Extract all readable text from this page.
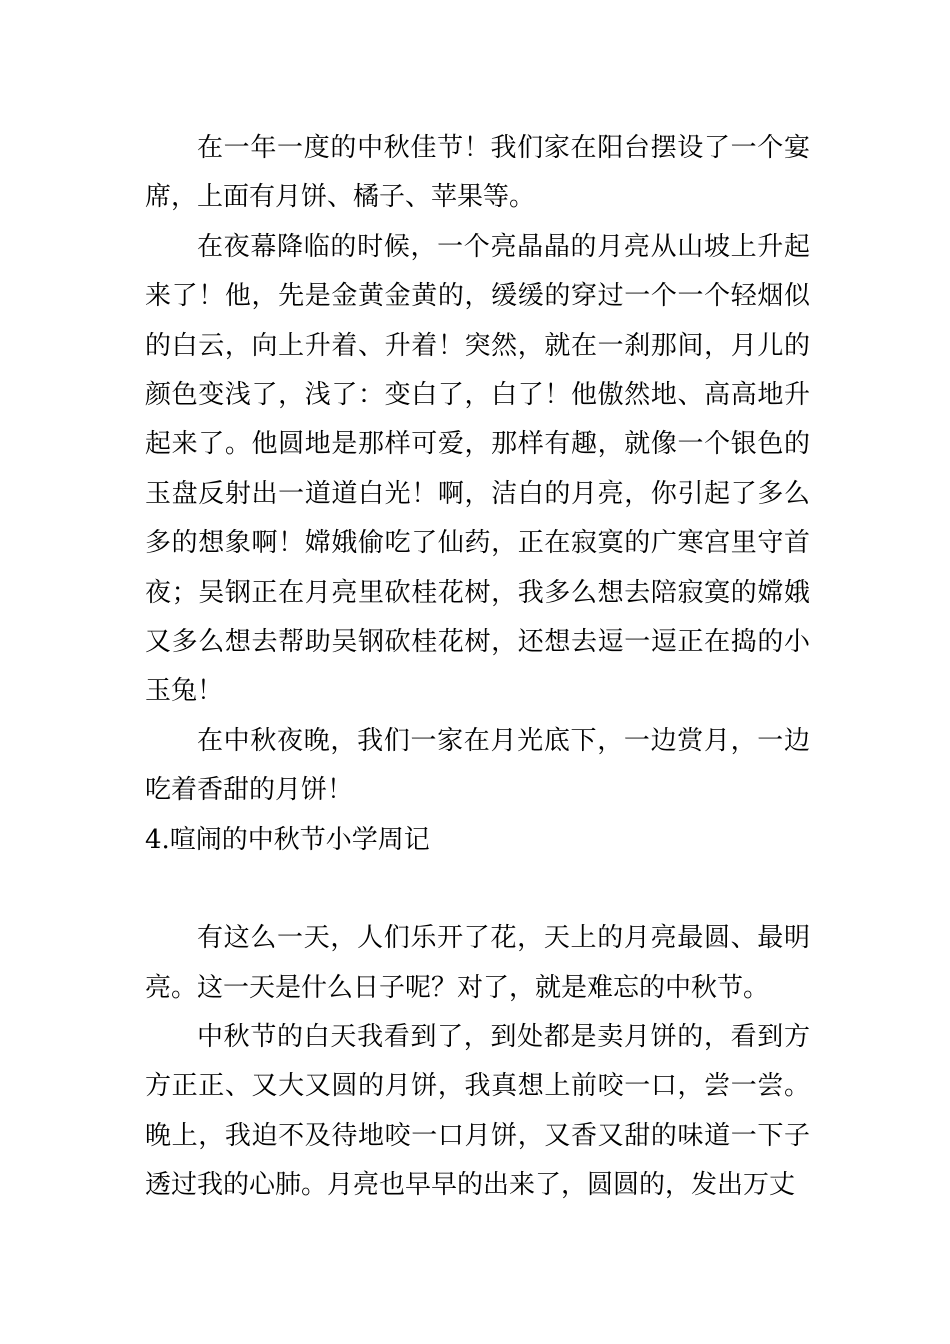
在一年一度的中秋佳节！我们家在阳台摆设了一个宴席，上面有月饼、橘子、苹果等。

在夜幕降临的时候，一个亮晶晶的月亮从山坡上升起来了！他，先是金黄金黄的，缓缓的穿过一个一个轻烟似的白云，向上升着、升着！突然，就在一刹那间，月儿的颜色变浅了，浅了：变白了，白了！他傲然地、高高地升起来了。他圆地是那样可爱，那样有趣，就像一个银色的玉盘反射出一道道白光！啊，洁白的月亮，你引起了多么多的想象啊！嫦娥偷吃了仙药，正在寂寞的广寒宫里守首夜；吴钢正在月亮里砍桂花树，我多么想去陪寂寞的嫦娥又多么想去帮助吴钢砍桂花树，还想去逗一逗正在捣的小玉兔！

在中秋夜晚，我们一家在月光底下，一边赏月，一边吃着香甜的月饼！

4.喧闹的中秋节小学周记

有这么一天，人们乐开了花，天上的月亮最圆、最明亮。这一天是什么日子呢？对了，就是难忘的中秋节。

中秋节的白天我看到了，到处都是卖月饼的，看到方方正正、又大又圆的月饼，我真想上前咬一口，尝一尝。晚上，我迫不及待地咬一口月饼，又香又甜的味道一下子透过我的心肺。月亮也早早的出来了，圆圆的，发出万丈
